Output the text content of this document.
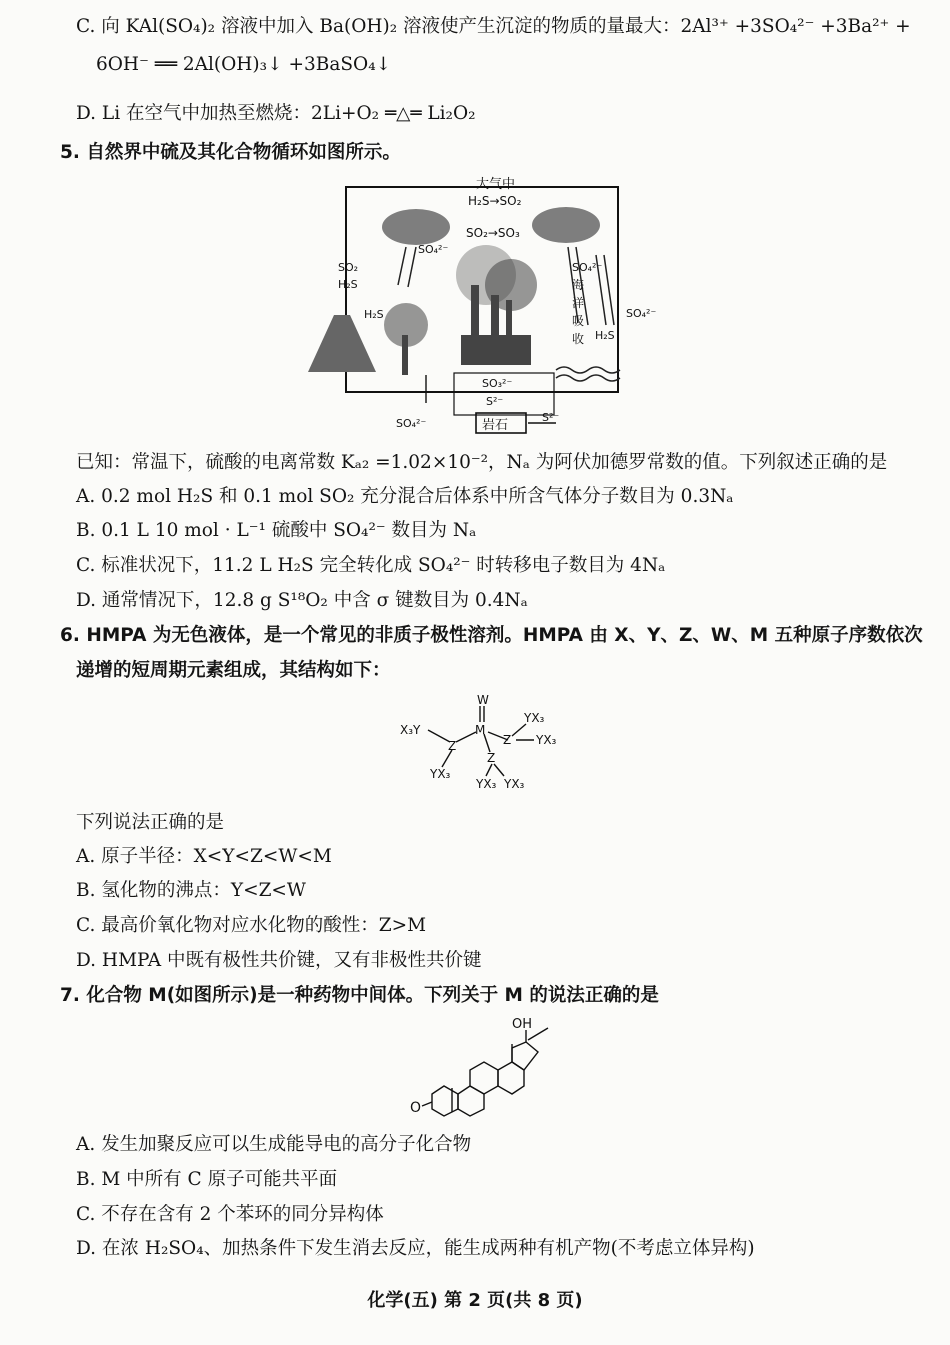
C. 向 KAl(SO₄)₂ 溶液中加入 Ba(OH)₂ 溶液使产生沉淀的物质的量最大：2Al³⁺ +3SO₄²⁻ +3Ba²⁺ +
6OH⁻ ══ 2Al(OH)₃↓ +3BaSO₄↓
D. Li 在空气中加热至燃烧：2Li+O₂ ═△═ Li₂O₂
5. 自然界中硫及其化合物循环如图所示。
大气中
H₂S→SO₂
SO₂→SO₃
SO₄²⁻
SO₂
H₂S
H₂S
SO₄²⁻
SO₄²⁻
海
洋
吸
收 H₂S
SO₃²⁻
S²⁻
SO₄²⁻	岩石
S²⁻
已知：常温下，硫酸的电离常数 Kₐ₂ =1.02×10⁻²，Nₐ 为阿伏加德罗常数的值。下列叙述正确的是
A. 0.2 mol H₂S 和 0.1 mol SO₂ 充分混合后体系中所含气体分子数目为 0.3Nₐ
B. 0.1 L 10 mol · L⁻¹ 硫酸中 SO₄²⁻ 数目为 Nₐ
C. 标准状况下，11.2 L H₂S 完全转化成 SO₄²⁻ 时转移电子数目为 4Nₐ
D. 通常情况下，12.8 g S¹⁸O₂ 中含 σ 键数目为 0.4Nₐ
6. HMPA 为无色液体，是一个常见的非质子极性溶剂。HMPA 由 X、Y、Z、W、M 五种原子序数依次
递增的短周期元素组成，其结构如下：
W
M
Z	Z
Z
X₃Y
YX₃
YX₃
YX₃
YX₃ YX₃
下列说法正确的是
A. 原子半径：X<Y<Z<W<M
B. 氢化物的沸点：Y<Z<W
C. 最高价氧化物对应水化物的酸性：Z>M
D. HMPA 中既有极性共价键，又有非极性共价键
7. 化合物 M(如图所示)是一种药物中间体。下列关于 M 的说法正确的是
OH
O
A. 发生加聚反应可以生成能导电的高分子化合物
B. M 中所有 C 原子可能共平面
C. 不存在含有 2 个苯环的同分异构体
D. 在浓 H₂SO₄、加热条件下发生消去反应，能生成两种有机产物(不考虑立体异构)
化学(五) 第 2 页(共 8 页)
